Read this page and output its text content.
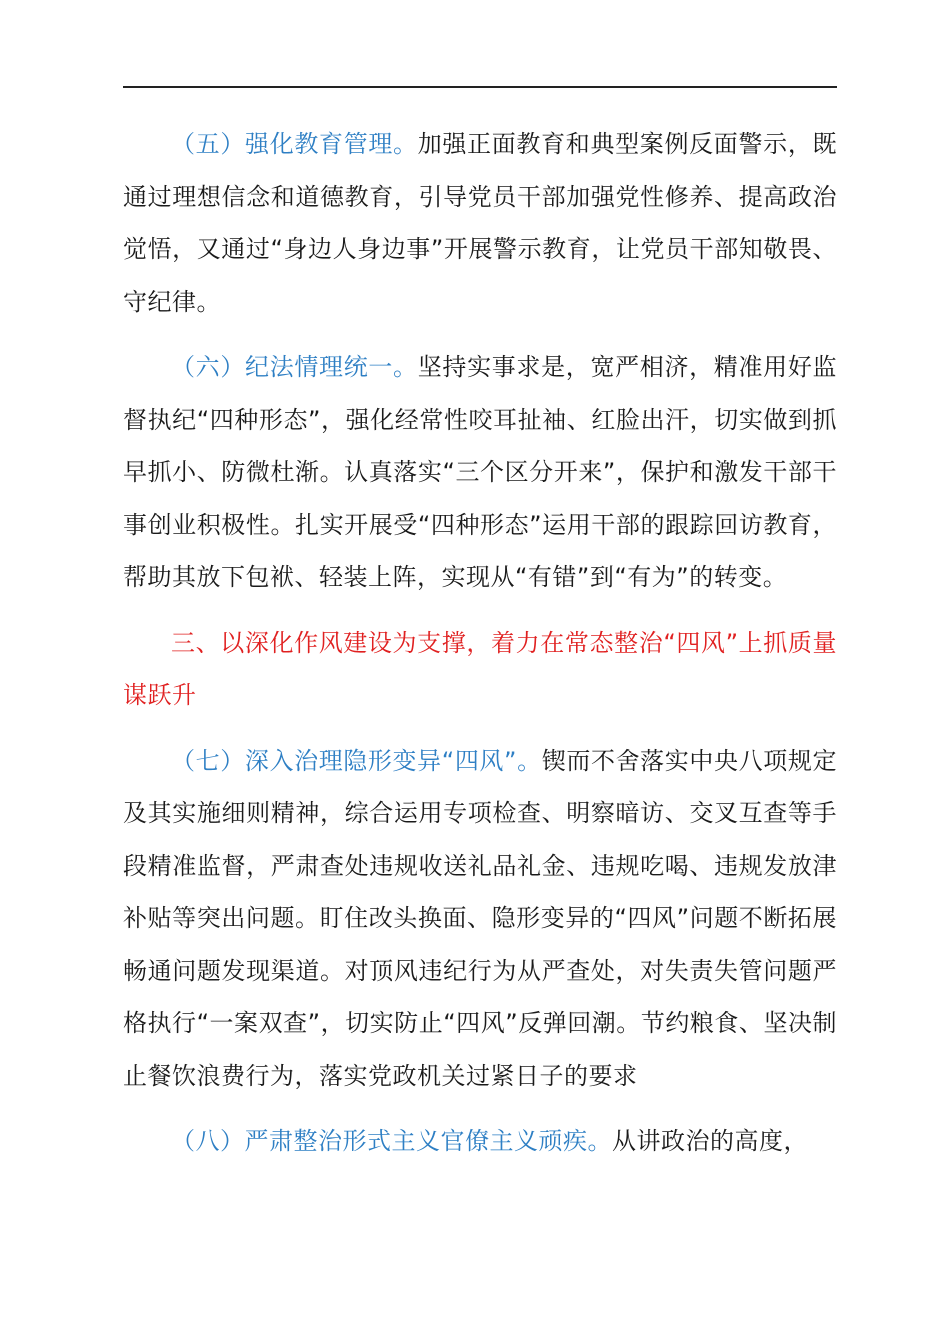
（五）强化教育管理。加强正面教育和典型案例反面警示，既通过理想信念和道德教育，引导党员干部加强党性修养、提高政治觉悟，又通过“身边人身边事”开展警示教育，让党员干部知敬畏、守纪律。

（六）纪法情理统一。坚持实事求是，宽严相济，精准用好监督执纪“四种形态”，强化经常性咬耳扯袖、红脸出汗，切实做到抓早抓小、防微杜渐。认真落实“三个区分开来”，保护和激发干部干事创业积极性。扎实开展受“四种形态”运用干部的跟踪回访教育，帮助其放下包袱、轻装上阵，实现从“有错”到“有为”的转变。

三、以深化作风建设为支撑，着力在常态整治“四风”上抓质量谋跃升

（七）深入治理隐形变异“四风”。锲而不舍落实中央八项规定及其实施细则精神，综合运用专项检查、明察暗访、交叉互查等手段精准监督，严肃查处违规收送礼品礼金、违规吃喝、违规发放津补贴等突出问题。盯住改头换面、隐形变异的“四风”问题不断拓展畅通问题发现渠道。对顶风违纪行为从严查处，对失责失管问题严格执行“一案双查”，切实防止“四风”反弹回潮。节约粮食、坚决制止餐饮浪费行为，落实党政机关过紧日子的要求

（八）严肃整治形式主义官僚主义顽疾。从讲政治的高度，
